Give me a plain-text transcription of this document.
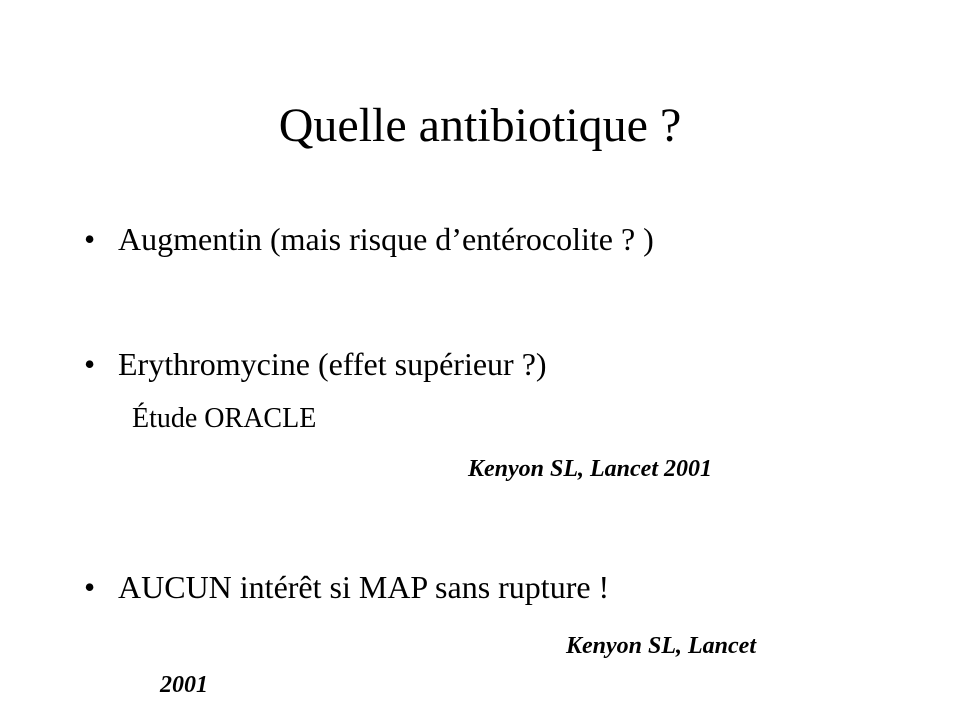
Quelle antibiotique ?
• Augmentin (mais risque d’entérocolite ? )
• Erythromycine (effet supérieur ?)
Étude ORACLE
Kenyon SL, Lancet 2001
• AUCUN intérêt si MAP sans rupture !
Kenyon SL, Lancet
2001
